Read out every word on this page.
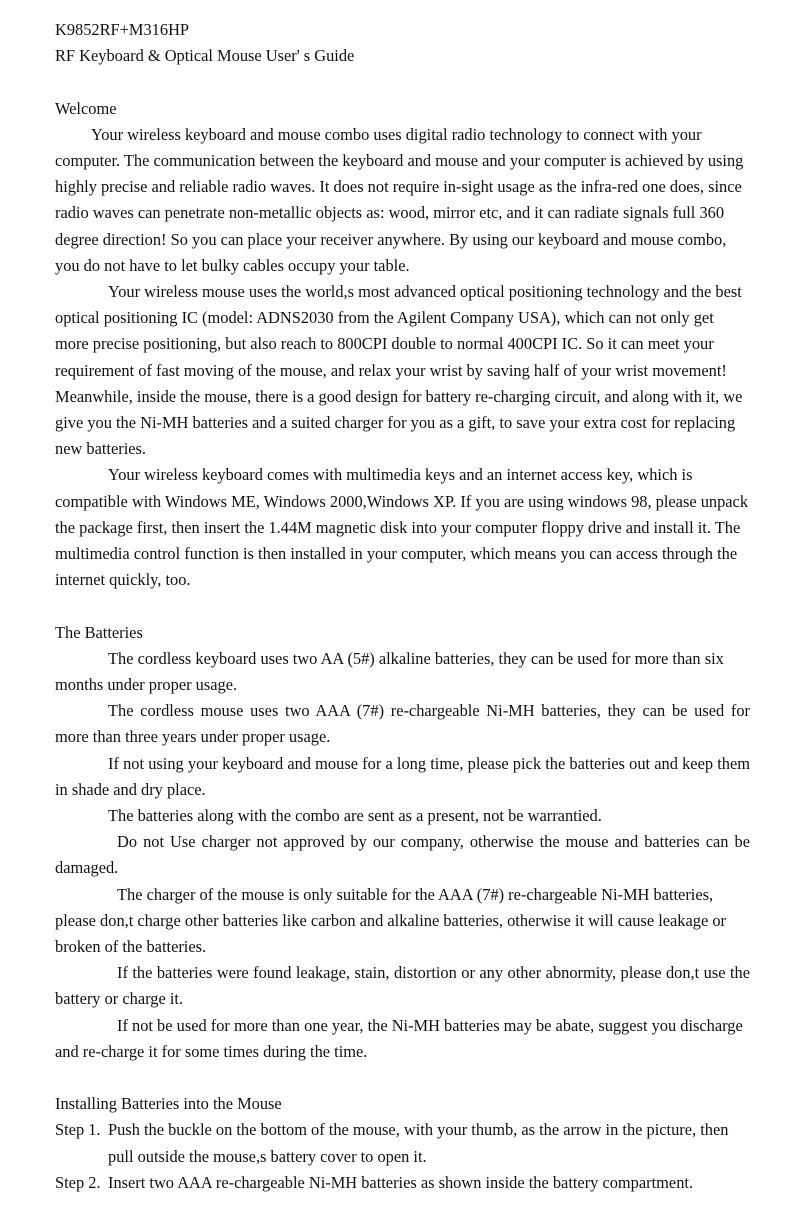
K9852RF+M316HP

RF Keyboard & Optical Mouse User' s Guide

Welcome

Your wireless keyboard and mouse combo uses digital radio technology to connect with your computer. The communication between the keyboard and mouse and your computer is achieved by using highly precise and reliable radio waves. It does not require in-sight usage as the infra-red one does, since radio waves can penetrate non-metallic objects as: wood, mirror etc, and it can radiate signals full 360 degree direction! So you can place your receiver anywhere. By using our keyboard and mouse combo, you do not have to let bulky cables occupy your table.

Your wireless mouse uses the world,s most advanced optical positioning technology and the best optical positioning IC (model: ADNS2030 from the Agilent Company USA), which can not only get more precise positioning, but also reach to 800CPI double to normal 400CPI IC. So it can meet your requirement of fast moving of the mouse, and relax your wrist by saving half of your wrist movement! Meanwhile, inside the mouse, there is a good design for battery re-charging circuit, and along with it, we give you the Ni-MH batteries and a suited charger for you as a gift, to save your extra cost for replacing new batteries.

Your wireless keyboard comes with multimedia keys and an internet access key, which is compatible with Windows ME, Windows 2000,Windows XP. If you are using windows 98, please unpack the package first, then insert the 1.44M magnetic disk into your computer floppy drive and install it. The multimedia control function is then installed in your computer, which means you can access through the internet quickly, too.

The Batteries

The cordless keyboard uses two AA (5#) alkaline batteries, they can be used for more than six months under proper usage.

The cordless mouse uses two AAA (7#) re-chargeable Ni-MH batteries, they can be used for more than three years under proper usage.

If not using your keyboard and mouse for a long time, please pick the batteries out and keep them in shade and dry place.

The batteries along with the combo are sent as a present, not be warrantied.

Do not Use charger not approved by our company, otherwise the mouse and batteries can be damaged.

The charger of the mouse is only suitable for the AAA (7#) re-chargeable Ni-MH batteries, please don,t charge other batteries like carbon and alkaline batteries, otherwise it will cause leakage or broken of the batteries.

If the batteries were found leakage, stain, distortion or any other abnormity, please don,t use the battery or charge it.

If not be used for more than one year, the Ni-MH batteries may be abate, suggest you discharge and re-charge it for some times during the time.

Installing Batteries into the Mouse

Step 1. Push the buckle on the bottom of the mouse, with your thumb, as the arrow in the picture, then pull outside the mouse,s battery cover to open it.
Step 2. Insert two AAA re-chargeable Ni-MH batteries as shown inside the battery compartment.
